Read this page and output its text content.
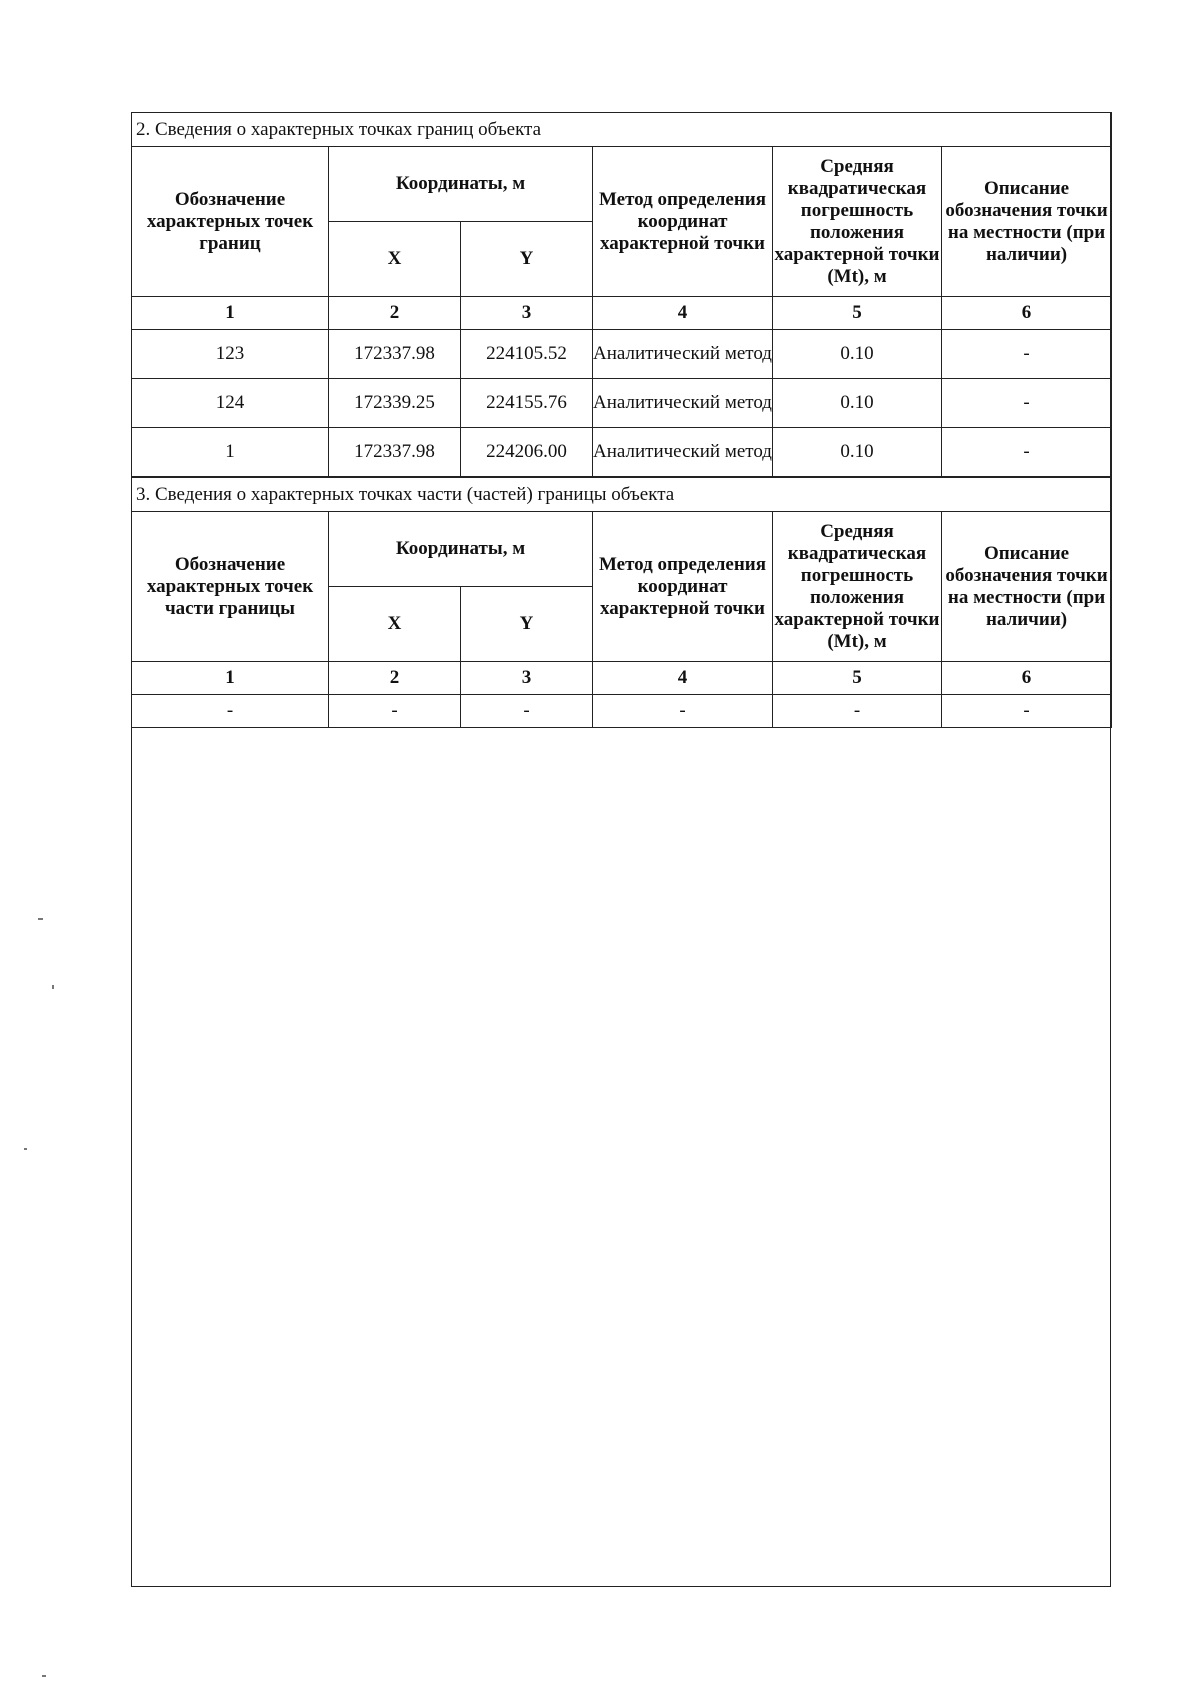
2. Сведения о характерных точках границ объекта					
Обозначение характерных точек границ	Координаты, м		Метод определения координат характерной точки	Средняя квадратическая погрешность положения характерной точки (Mt), м	Описание обозначения точки на местности (при наличии)
	X	Y			
1	2	3	4	5	6
123	172337.98	224105.52	Аналитический метод	0.10	-
124	172339.25	224155.76	Аналитический метод	0.10	-
1	172337.98	224206.00	Аналитический метод	0.10	-
3. Сведения о характерных точках части (частей) границы объекта					
Обозначение характерных точек части границы	Координаты, м		Метод определения координат характерной точки	Средняя квадратическая погрешность положения характерной точки (Mt), м	Описание обозначения точки на местности (при наличии)
	X	Y			
1	2	3	4	5	6
-	-	-	-	-	-
